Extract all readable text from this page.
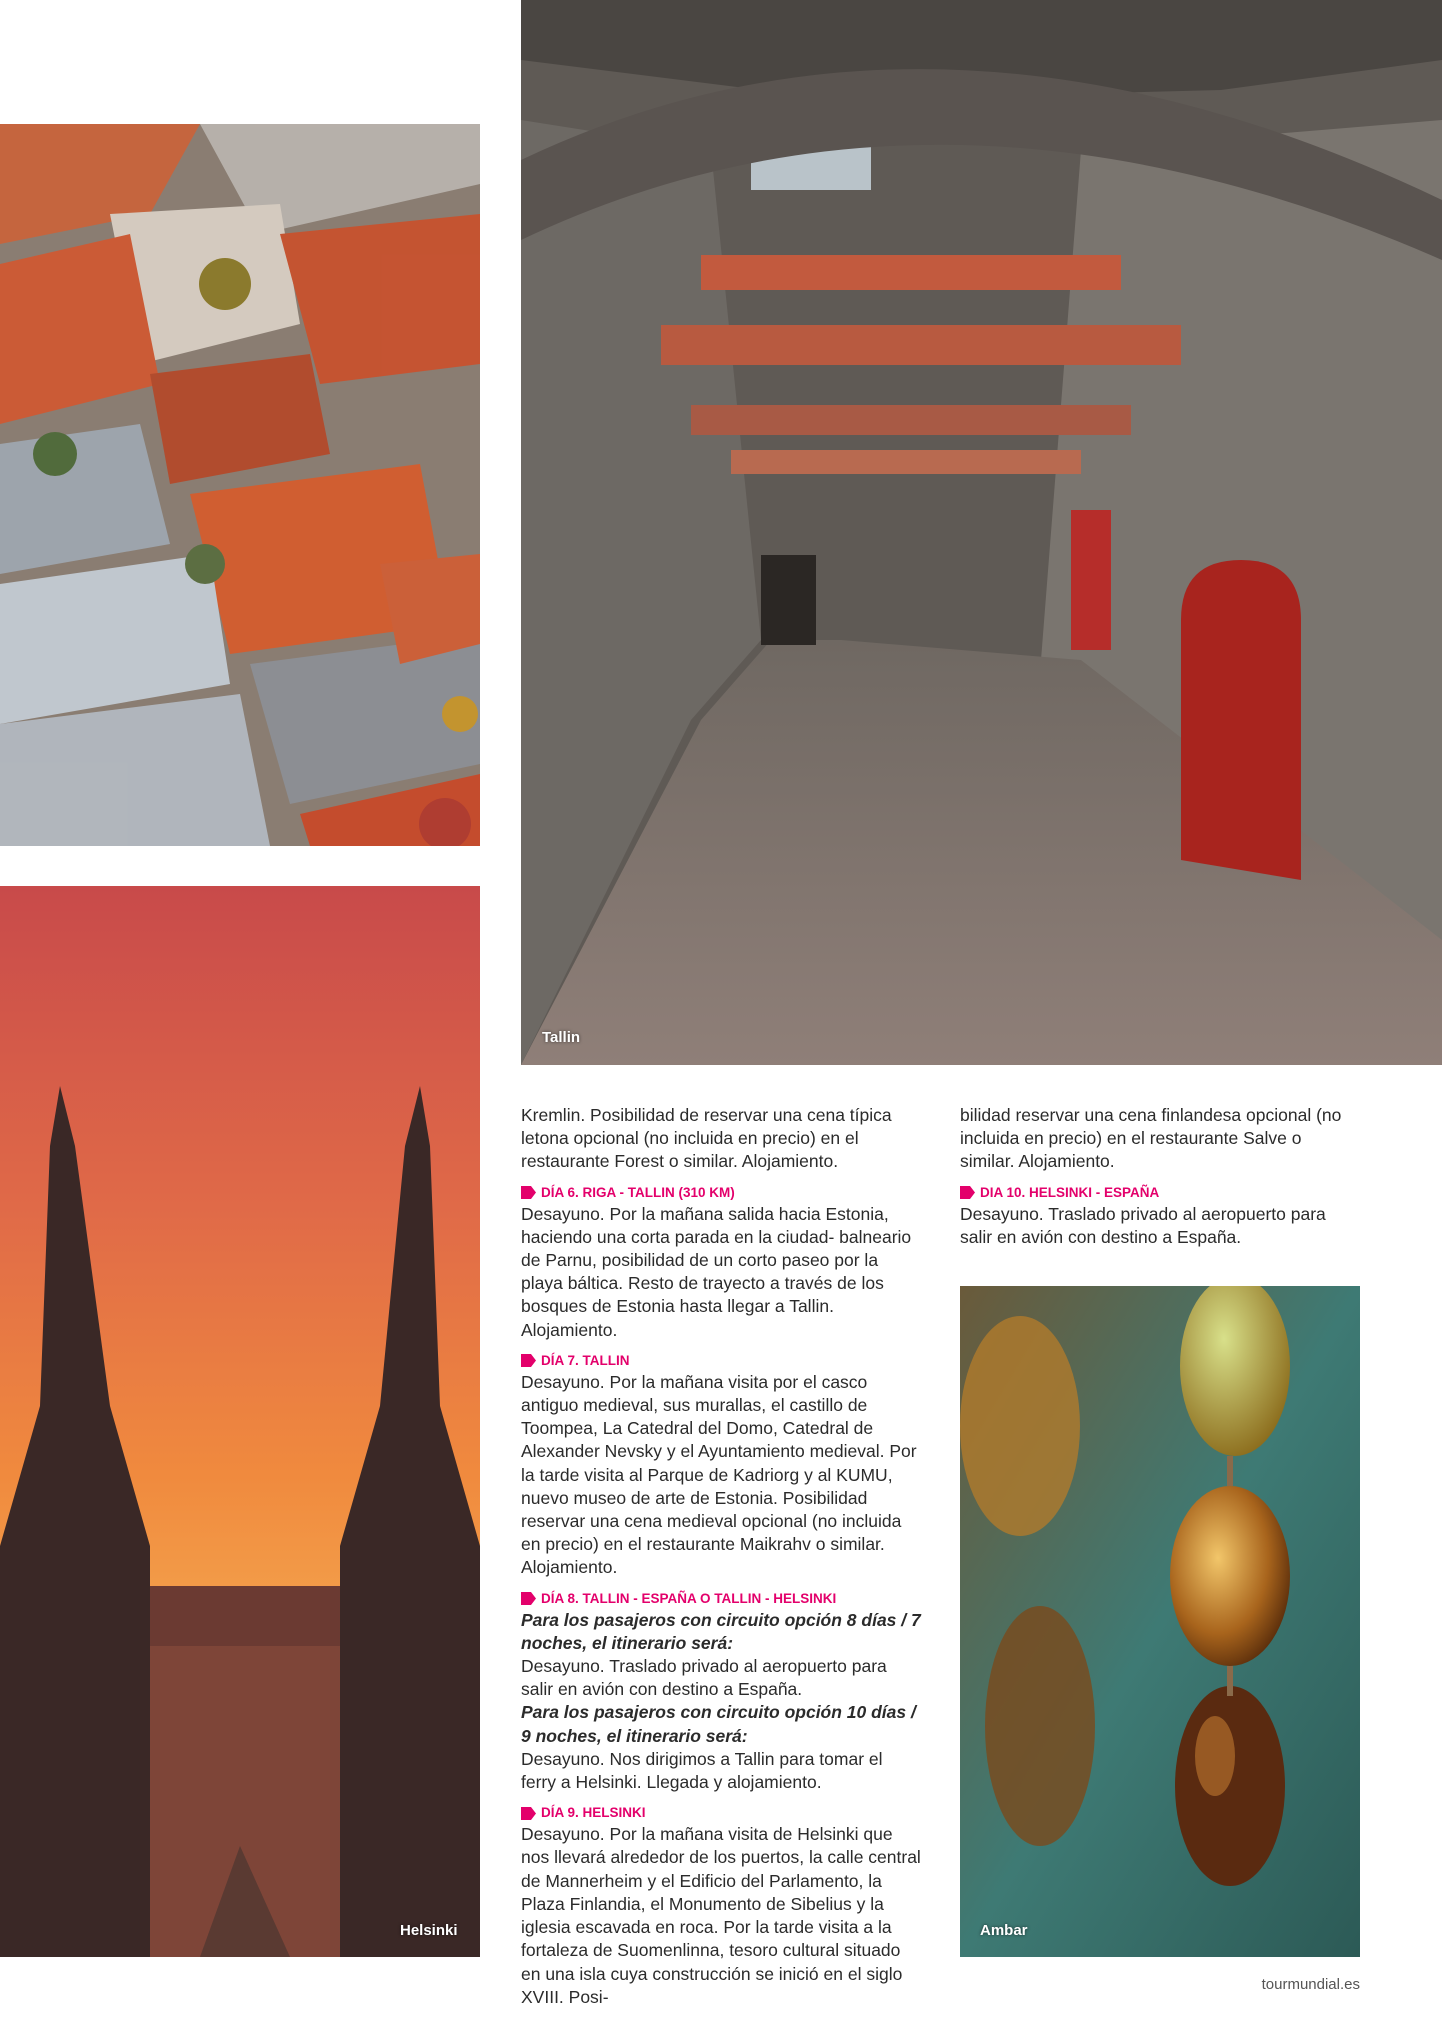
Tallin
Helsinki	Ambar

Kremlin. Posibilidad de reservar una cena típica letona opcional (no incluida en precio) en el restaurante Forest o similar. Alojamiento.

DÍA 6. RIGA - TALLIN (310 KM)

Desayuno. Por la mañana salida hacia Estonia, haciendo una corta parada en la ciudad- balneario de Parnu, posibilidad de un corto paseo por la playa báltica. Resto de trayecto a través de los bosques de Estonia hasta llegar a Tallin. Alojamiento.

DÍA 7. TALLIN

Desayuno. Por la mañana visita por el casco antiguo medieval, sus murallas, el castillo de Toompea, La Catedral del Domo, Catedral de Alexander Nevsky y el Ayuntamiento medieval. Por la tarde visita al Parque de Kadriorg y al KUMU, nuevo museo de arte de Estonia. Posibilidad reservar una cena medieval opcional (no incluida en precio) en el restaurante Maikrahv o similar. Alojamiento.

DÍA 8. TALLIN - ESPAÑA O TALLIN - HELSINKI

Para los pasajeros con circuito opción 8 días / 7 noches, el itinerario será:

Desayuno. Traslado privado al aeropuerto para salir en avión con destino a España.

Para los pasajeros con circuito opción 10 días / 9 noches, el itinerario será:

Desayuno. Nos dirigimos a Tallin para tomar el ferry a Helsinki. Llegada y alojamiento.

DÍA 9. HELSINKI

Desayuno. Por la mañana visita de Helsinki que nos llevará alrededor de los puertos, la calle central de Mannerheim y el Edificio del Parlamento, la Plaza Finlandia, el Monumento de Sibelius y la iglesia escavada en roca. Por la tarde visita a la fortaleza de Suomenlinna, tesoro cultural situado en una isla cuya construcción se inició en el siglo XVIII. Posi-

bilidad reservar una cena finlandesa opcional (no incluida en precio) en el restaurante Salve o similar. Alojamiento.

DIA 10. HELSINKI - ESPAÑA

Desayuno. Traslado privado al aeropuerto para salir en avión con destino a España.

tourmundial.es
